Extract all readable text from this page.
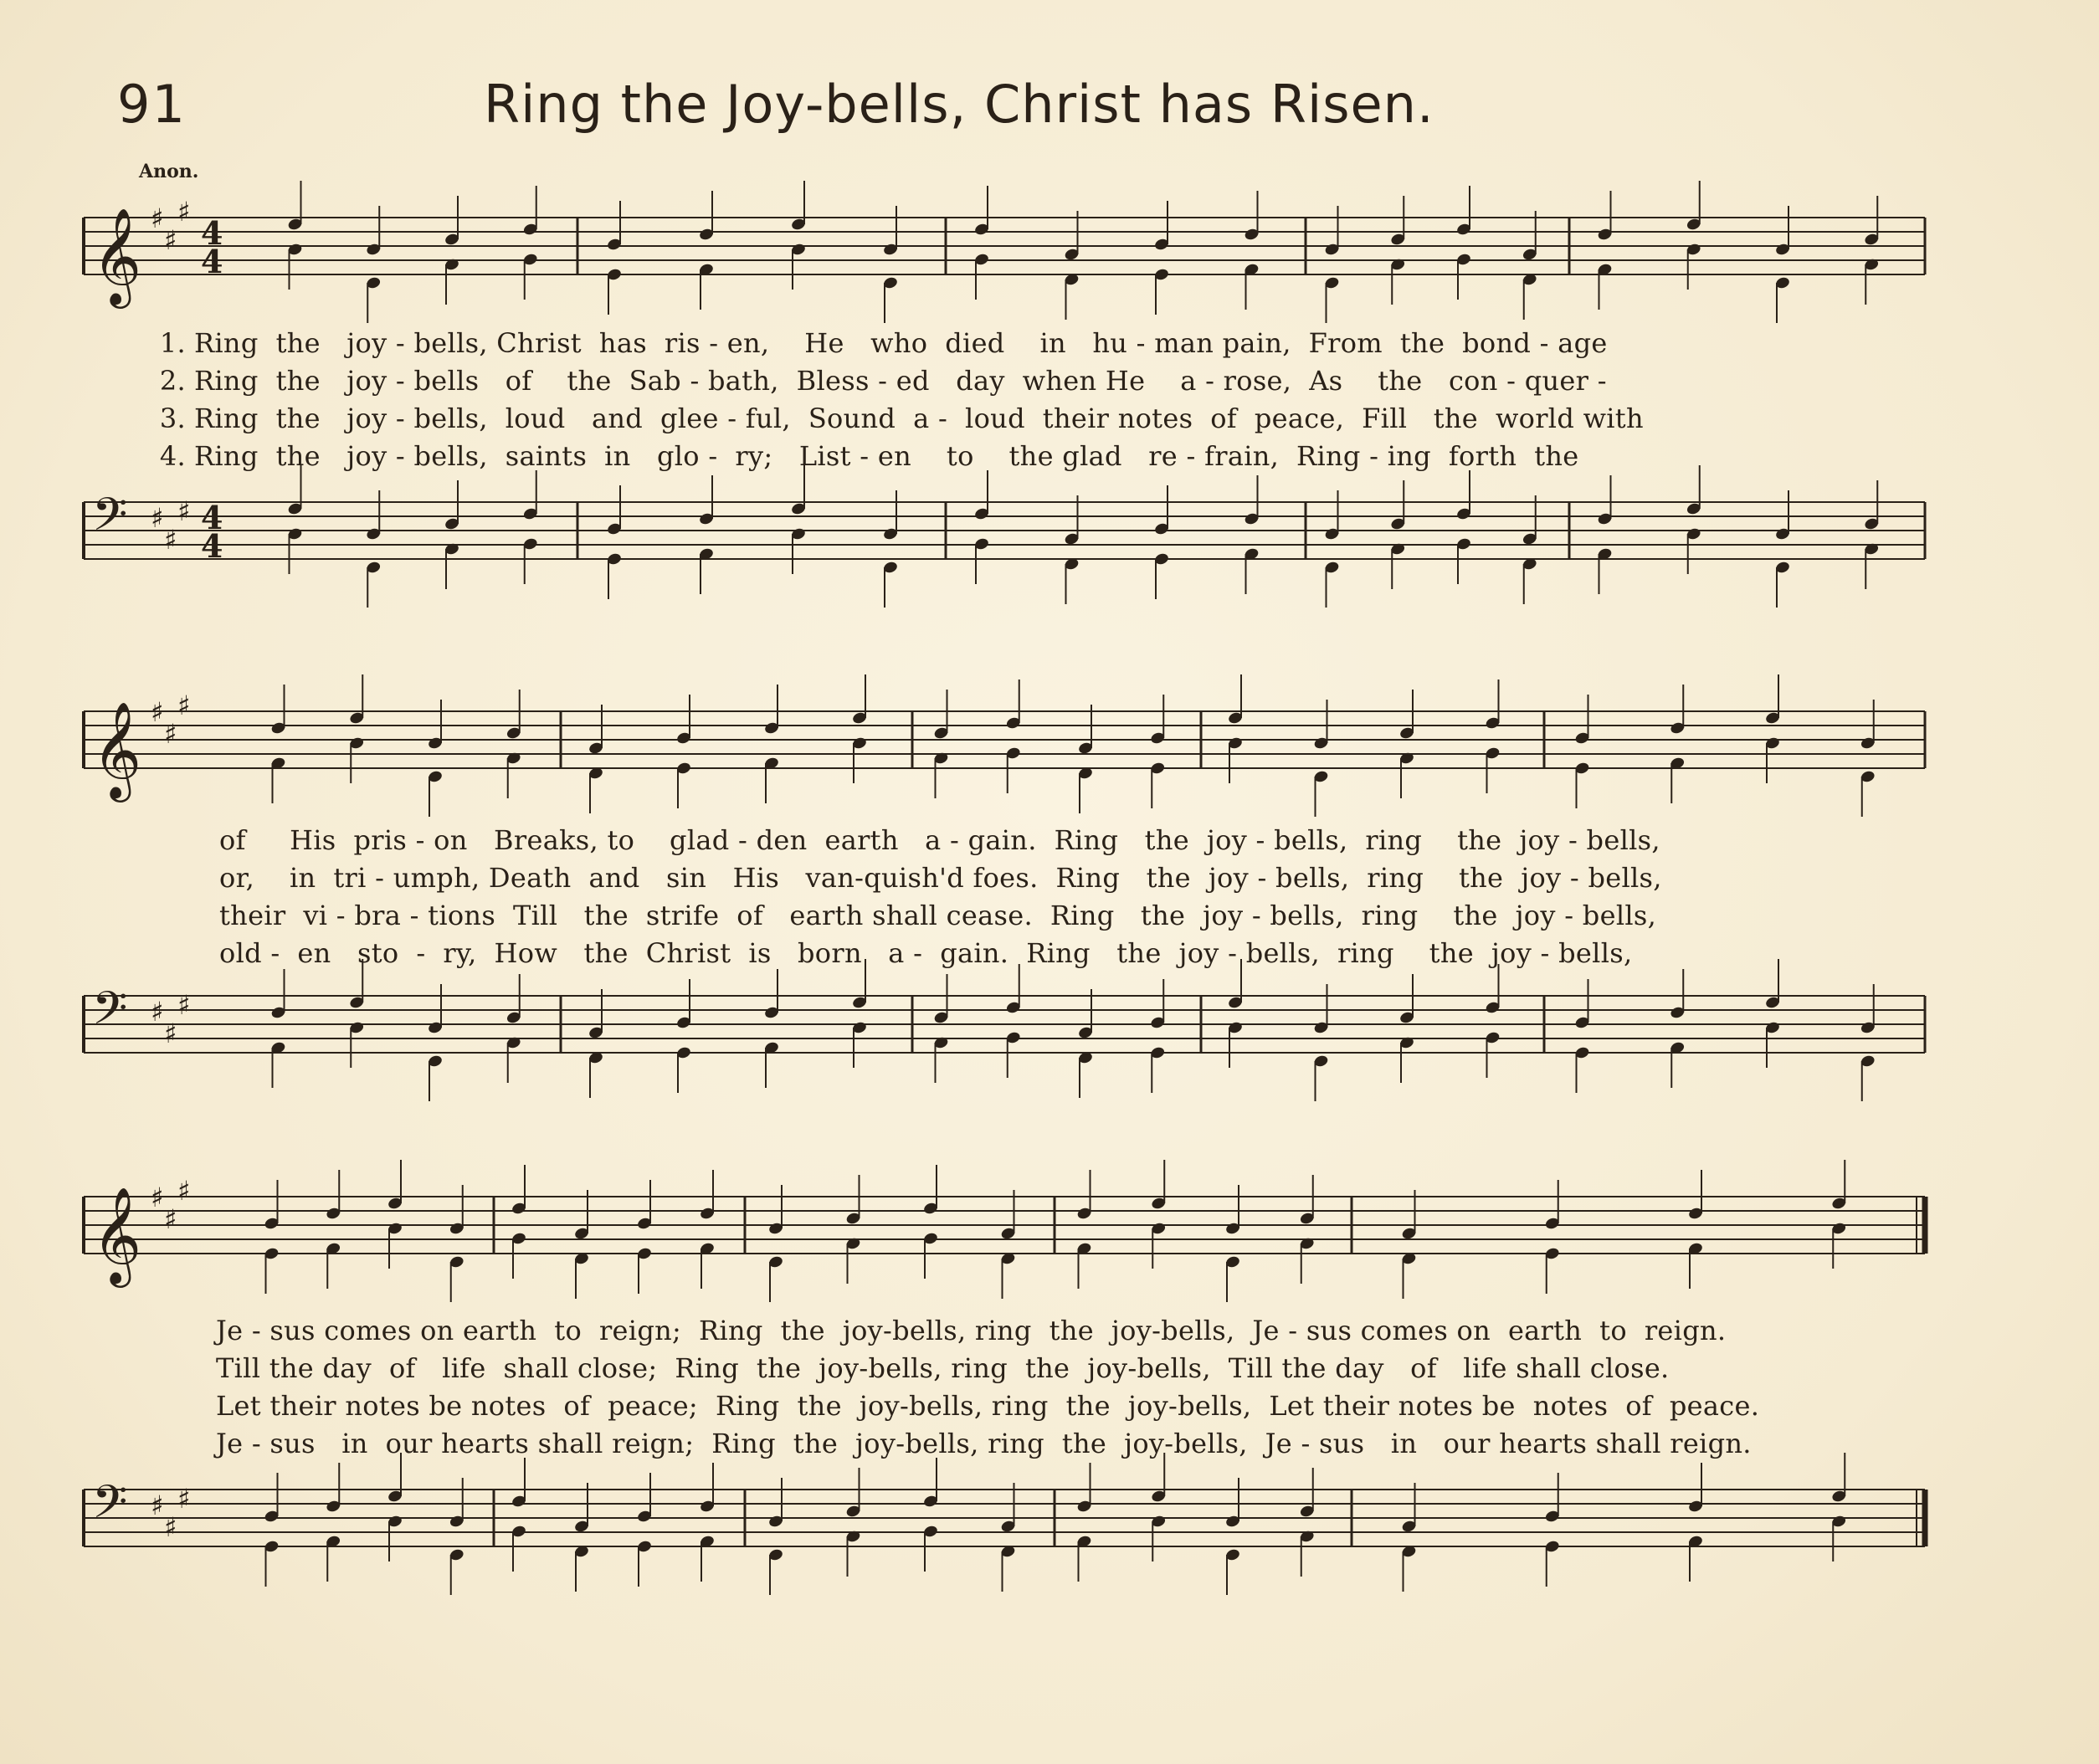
91	Ring the Joy-bells, Christ has Risen.
Anon.
𝄞 ♯
♯
♯
4
4
1. Ring  the   joy - bells, Christ  has  ris - en,    He   who  died    in   hu - man pain,  From  the  bond - age
2. Ring  the   joy - bells   of    the  Sab - bath,  Bless - ed   day  when He    a - rose,  As    the   con - quer -
3. Ring  the   joy - bells,  loud   and  glee - ful,  Sound  a -  loud  their notes  of  peace,  Fill   the  world with
4. Ring  the   joy - bells,  saints  in   glo -  ry;   List - en    to    the glad   re - frain,  Ring - ing  forth  the
𝄢 ♯
♯
♯ 4
4
𝄞 ♯
♯
♯
of     His  pris - on   Breaks, to    glad - den  earth   a - gain.  Ring   the  joy - bells,  ring    the  joy - bells,
or,    in  tri - umph, Death  and   sin   His   van-quish'd foes.  Ring   the  joy - bells,  ring    the  joy - bells,
their  vi - bra - tions  Till   the  strife  of   earth shall cease.  Ring   the  joy - bells,  ring    the  joy - bells,
old -  en   sto  -  ry,  How   the  Christ  is   born   a -  gain.  Ring   the  joy - bells,  ring    the  joy - bells,
𝄢 ♯
♯
♯
𝄞 ♯
♯
♯
Je - sus comes on earth  to  reign;  Ring  the  joy-bells, ring  the  joy-bells,  Je - sus comes on  earth  to  reign.
Till the day  of   life  shall close;  Ring  the  joy-bells, ring  the  joy-bells,  Till the day   of   life shall close.
Let their notes be notes  of  peace;  Ring  the  joy-bells, ring  the  joy-bells,  Let their notes be  notes  of  peace.
Je - sus   in  our hearts shall reign;  Ring  the  joy-bells, ring  the  joy-bells,  Je - sus   in   our hearts shall reign.
𝄢 ♯
♯
♯
